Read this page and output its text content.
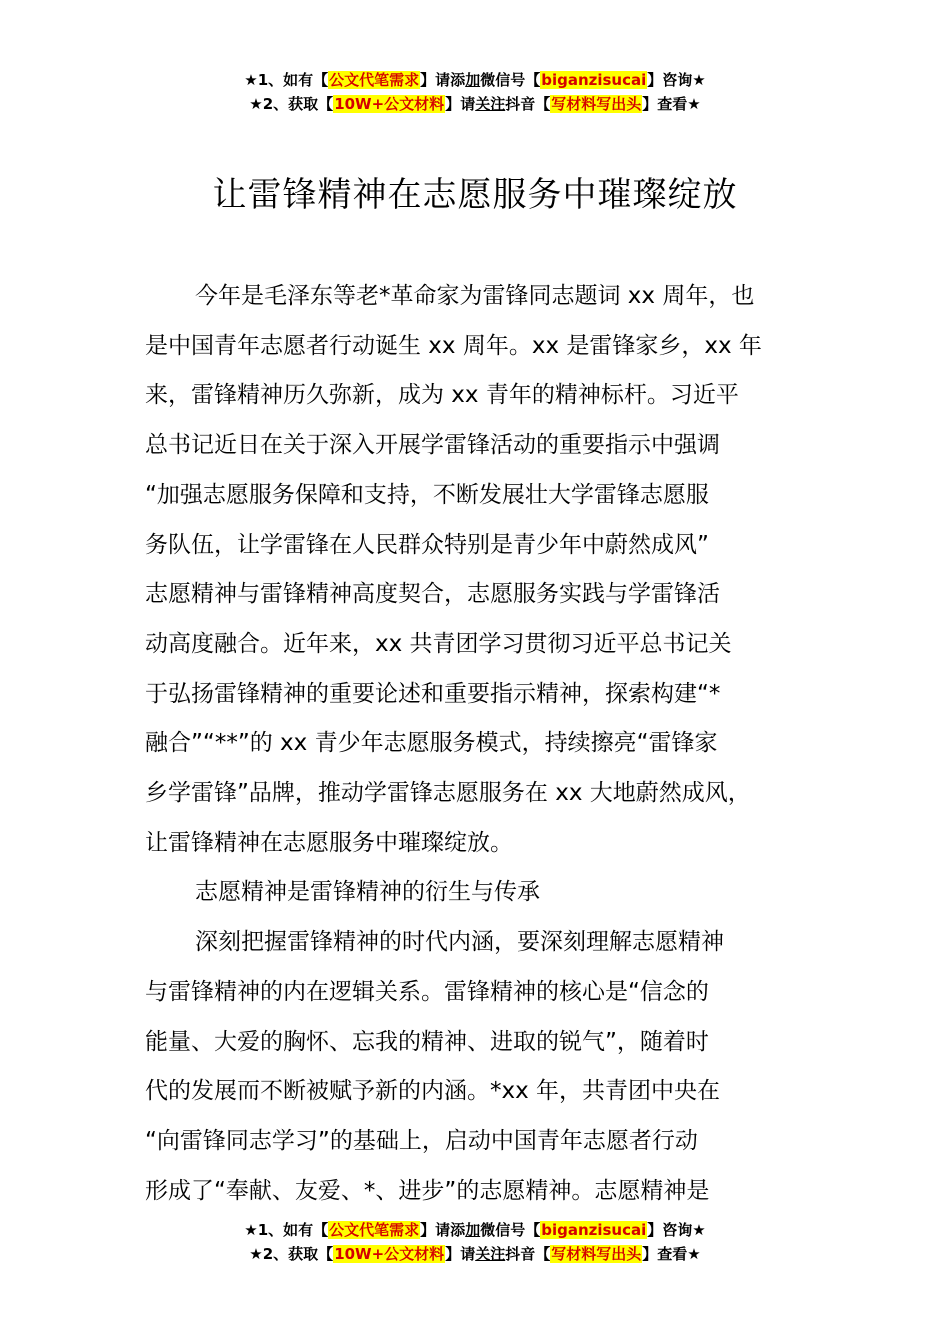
★1、如有【公文代笔需求】请添加微信号【biganzisucai】咨询★
★2、获取【10W+公文材料】请关注抖音【写材料写出头】查看★
让雷锋精神在志愿服务中璀璨绽放

今年是毛泽东等老*革命家为雷锋同志题词 xx 周年，也

是中国青年志愿者行动诞生 xx 周年。xx 是雷锋家乡，xx 年

来，雷锋精神历久弥新，成为 xx 青年的精神标杆。习近平

总书记近日在关于深入开展学雷锋活动的重要指示中强调

“加强志愿服务保障和支持，不断发展壮大学雷锋志愿服

务队伍，让学雷锋在人民群众特别是青少年中蔚然成风”

志愿精神与雷锋精神高度契合，志愿服务实践与学雷锋活

动高度融合。近年来，xx 共青团学习贯彻习近平总书记关

于弘扬雷锋精神的重要论述和重要指示精神，探索构建“*

融合”“**”的 xx 青少年志愿服务模式，持续擦亮“雷锋家

乡学雷锋”品牌，推动学雷锋志愿服务在 xx 大地蔚然成风，

让雷锋精神在志愿服务中璀璨绽放。

志愿精神是雷锋精神的衍生与传承

深刻把握雷锋精神的时代内涵，要深刻理解志愿精神

与雷锋精神的内在逻辑关系。雷锋精神的核心是“信念的

能量、大爱的胸怀、忘我的精神、进取的锐气”，随着时

代的发展而不断被赋予新的内涵。*xx 年，共青团中央在

“向雷锋同志学习”的基础上，启动中国青年志愿者行动

形成了“奉献、友爱、*、进步”的志愿精神。志愿精神是

★1、如有【公文代笔需求】请添加微信号【biganzisucai】咨询★
★2、获取【10W+公文材料】请关注抖音【写材料写出头】查看★
